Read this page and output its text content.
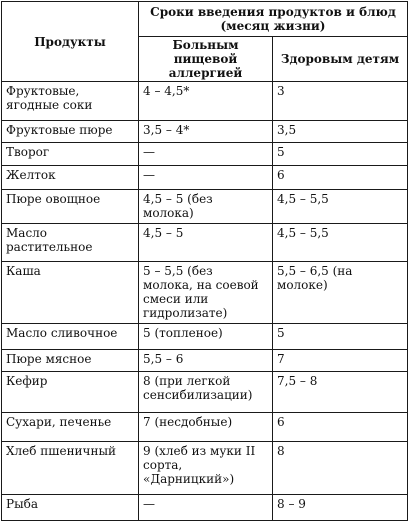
Продукты	Сроки введения продуктов и блюд (месяц жизни)	
	Больным пищевой аллергией	Здоровым детям
Фруктовые, ягодные соки	4 – 4,5*	3
Фруктовые пюре	3,5 – 4*	3,5
Творог	—	5
Желток	—	6
Пюре овощное	4,5 – 5 (без молока)	4,5 – 5,5
Масло растительное	4,5 – 5	4,5 – 5,5
Каша	5 – 5,5 (без молока, на соевой смеси или гидролизате)	5,5 – 6,5 (на молоке)
Масло сливочное	5 (топленое)	5
Пюре мясное	5,5 – 6	7
Кефир	8 (при легкой сенсибилизации)	7,5 – 8
Сухари, печенье	7 (несдобные)	6
Хлеб пшеничный	9 (хлеб из муки II сорта, «Дарницкий»)	8
Рыба	—	8 – 9
